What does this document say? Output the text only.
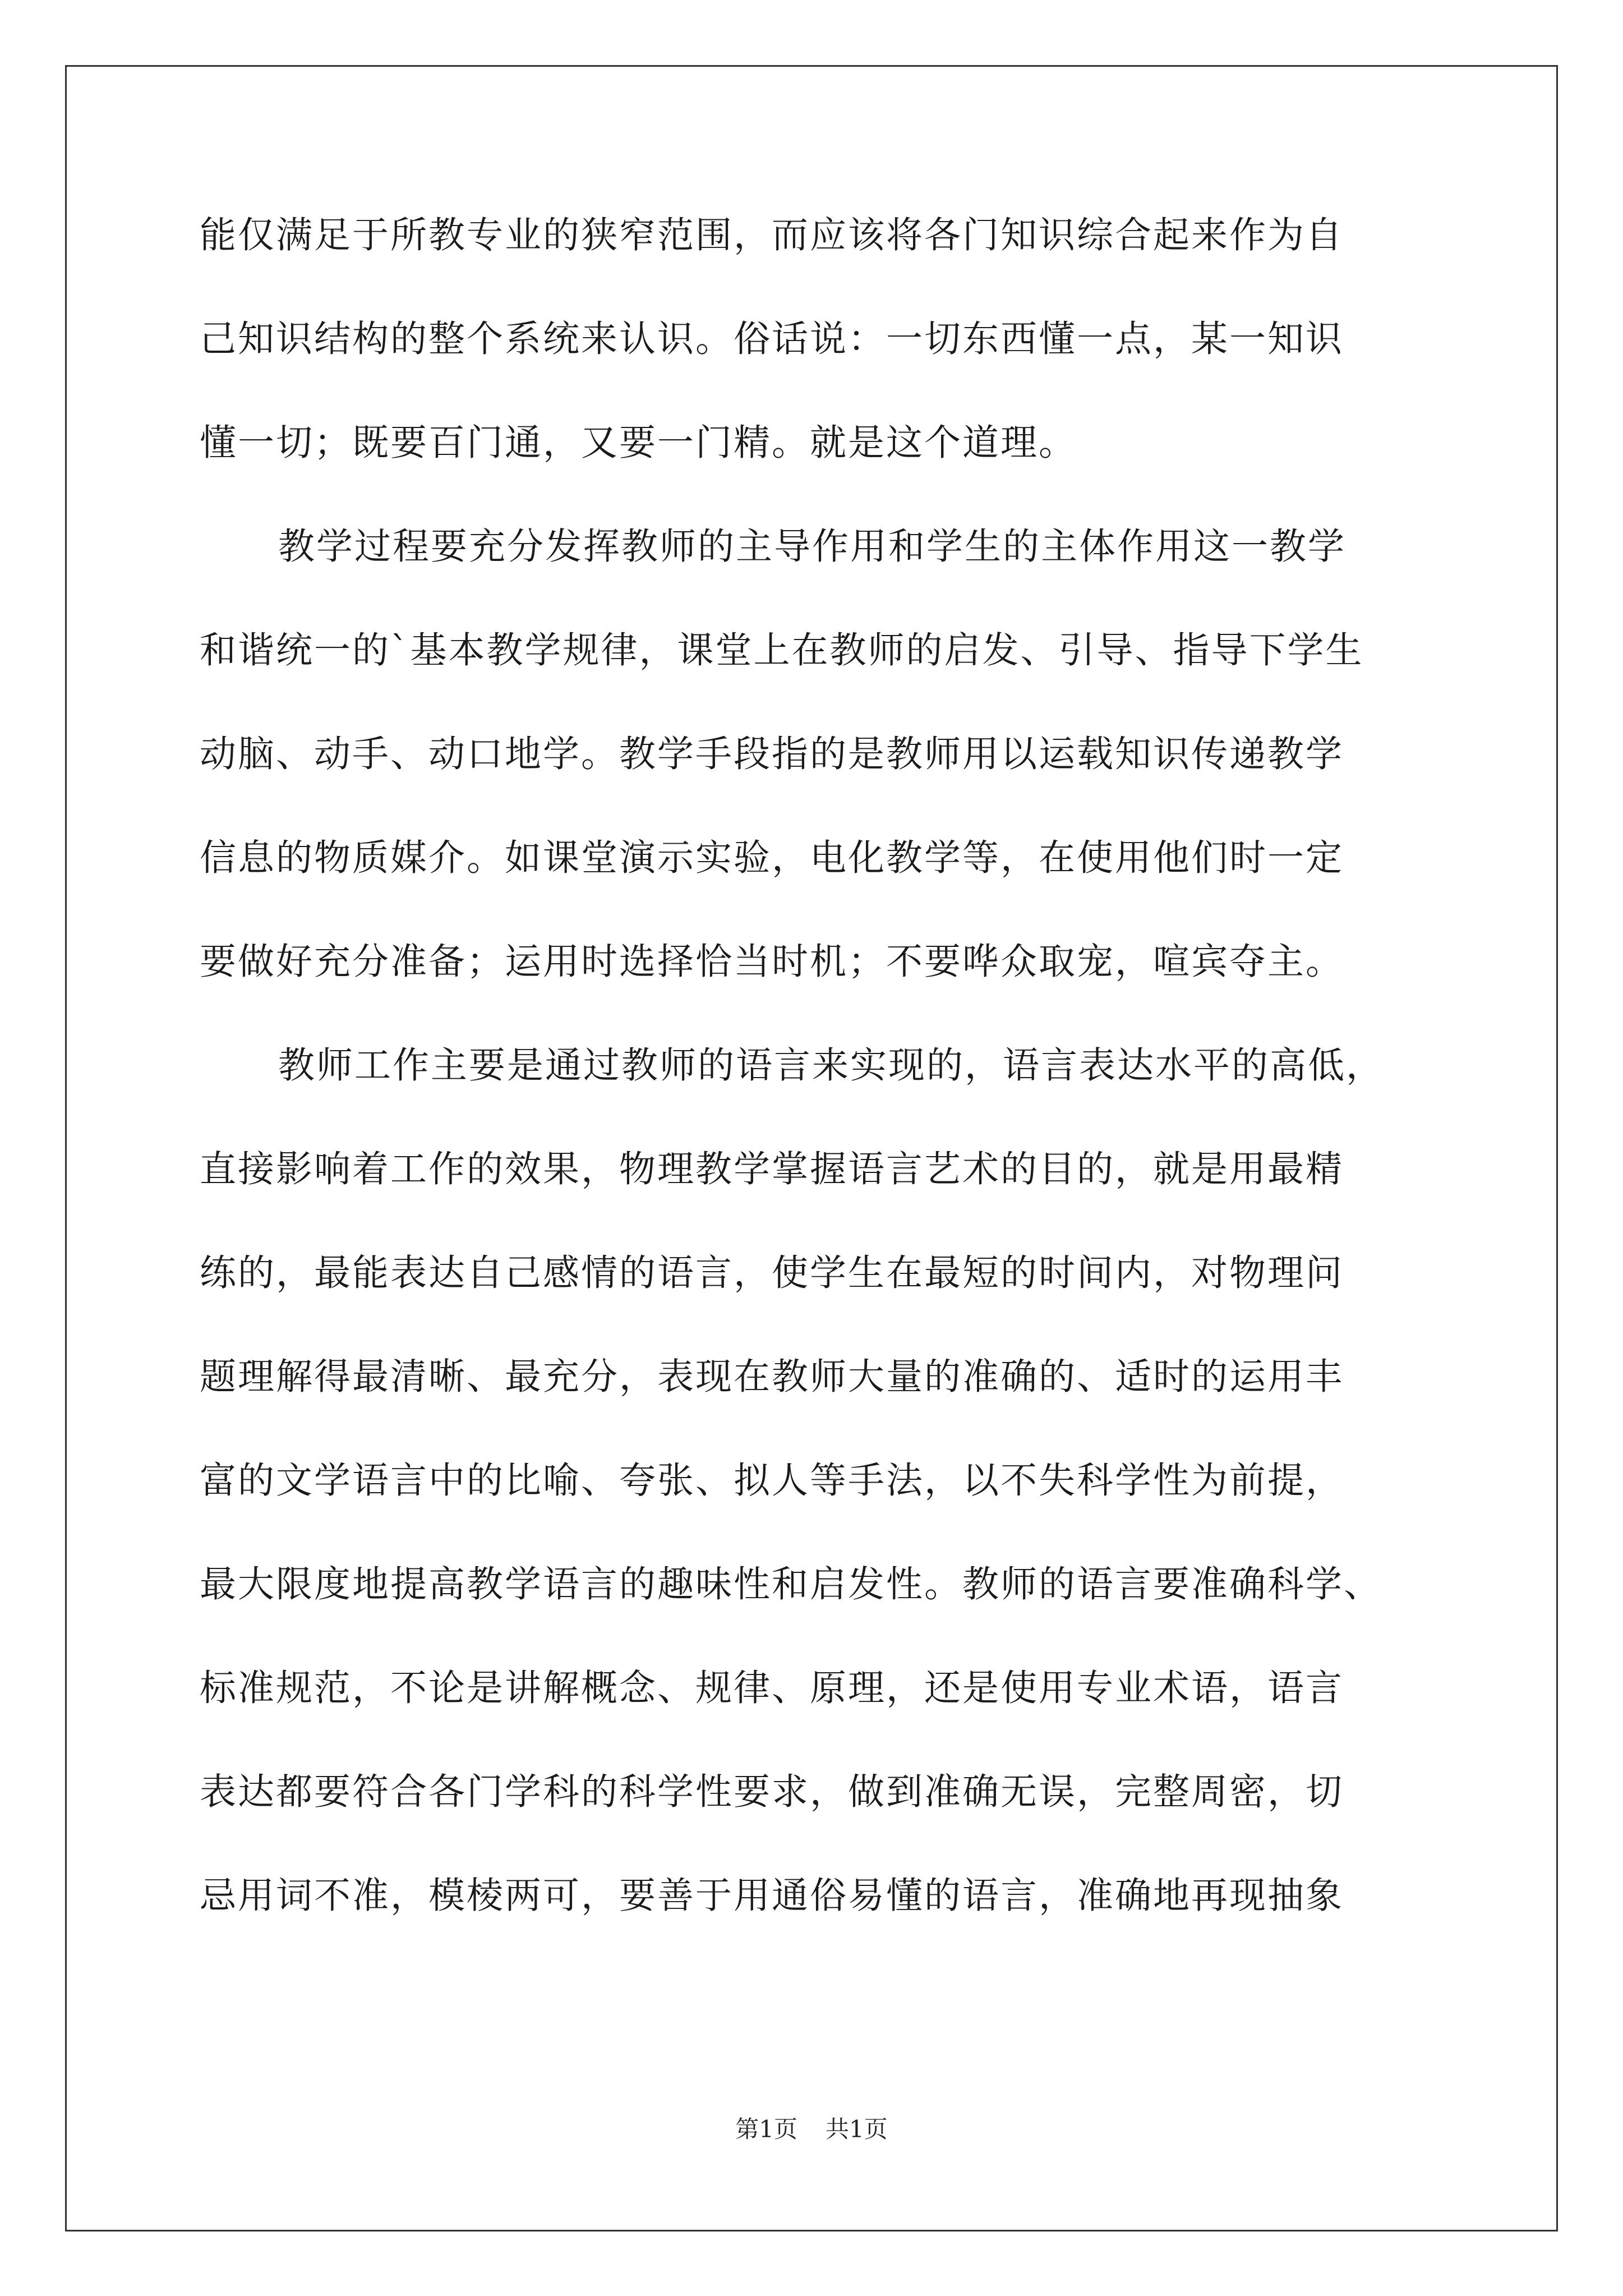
能仅满足于所教专业的狭窄范围，而应该将各门知识综合起来作为自
己知识结构的整个系统来认识。俗话说：一切东西懂一点，某一知识
懂一切；既要百门通，又要一门精。就是这个道理。
教学过程要充分发挥教师的主导作用和学生的主体作用这一教学
和谐统一的`基本教学规律，课堂上在教师的启发、引导、指导下学生
动脑、动手、动口地学。教学手段指的是教师用以运载知识传递教学
信息的物质媒介。如课堂演示实验，电化教学等，在使用他们时一定
要做好充分准备；运用时选择恰当时机；不要哗众取宠，喧宾夺主。
教师工作主要是通过教师的语言来实现的，语言表达水平的高低，
直接影响着工作的效果，物理教学掌握语言艺术的目的，就是用最精
练的，最能表达自己感情的语言，使学生在最短的时间内，对物理问
题理解得最清晰、最充分，表现在教师大量的准确的、适时的运用丰
富的文学语言中的比喻、夸张、拟人等手法，以不失科学性为前提，
最大限度地提高教学语言的趣味性和启发性。教师的语言要准确科学、
标准规范，不论是讲解概念、规律、原理，还是使用专业术语，语言
表达都要符合各门学科的科学性要求，做到准确无误，完整周密，切
忌用词不准，模棱两可，要善于用通俗易懂的语言，准确地再现抽象
第1页 共1页
